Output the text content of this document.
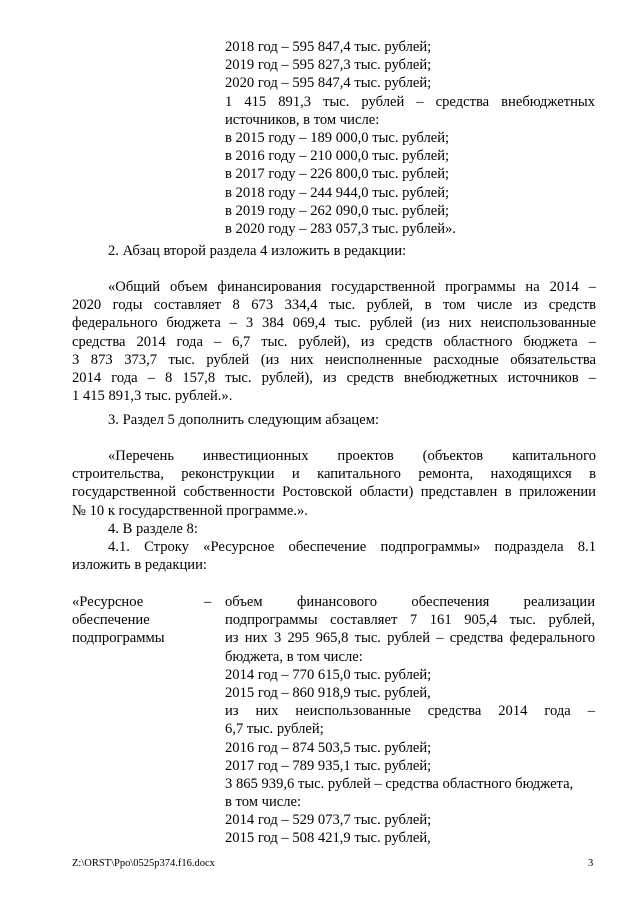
2018 год – 595 847,4 тыс. рублей;
2019 год – 595 827,3 тыс. рублей;
2020 год – 595 847,4 тыс. рублей;
1 415 891,3 тыс. рублей – средства внебюджетных
источников, в том числе:
в 2015 году – 189 000,0 тыс. рублей;
в 2016 году – 210 000,0 тыс. рублей;
в 2017 году – 226 800,0 тыс. рублей;
в 2018 году – 244 944,0 тыс. рублей;
в 2019 году – 262 090,0 тыс. рублей;
в 2020 году – 283 057,3 тыс. рублей».
2. Абзац второй раздела 4 изложить в редакции:
«Общий объем финансирования государственной программы на 2014 –
2020 годы составляет 8 673 334,4 тыс. рублей, в том числе из средств
федерального бюджета – 3 384 069,4 тыс. рублей (из них неиспользованные
средства 2014 года – 6,7 тыс. рублей), из средств областного бюджета –
3 873 373,7 тыс. рублей (из них неисполненные расходные обязательства
2014 года – 8 157,8 тыс. рублей), из средств внебюджетных источников –
1 415 891,3 тыс. рублей.».
3. Раздел 5 дополнить следующим абзацем:
«Перечень инвестиционных проектов (объектов капитального
строительства, реконструкции и капитального ремонта, находящихся в
государственной собственности Ростовской области) представлен в приложении
№ 10 к государственной программе.».
4. В разделе 8:
4.1. Строку «Ресурсное обеспечение подпрограммы» подраздела 8.1
изложить в редакции:
«Ресурсное
обеспечение
подпрограммы
– объем финансового обеспечения реализации
подпрограммы составляет 7 161 905,4 тыс. рублей,
из них 3 295 965,8 тыс. рублей – средства федерального
бюджета, в том числе:
2014 год – 770 615,0 тыс. рублей;
2015 год – 860 918,9 тыс. рублей,
из них неиспользованные средства 2014 года –
6,7 тыс. рублей;
2016 год – 874 503,5 тыс. рублей;
2017 год – 789 935,1 тыс. рублей;
3 865 939,6 тыс. рублей – средства областного бюджета,
в том числе:
2014 год – 529 073,7 тыс. рублей;
2015 год – 508 421,9 тыс. рублей,
Z:\ORST\Ppo\0525p374.f16.docx	3
